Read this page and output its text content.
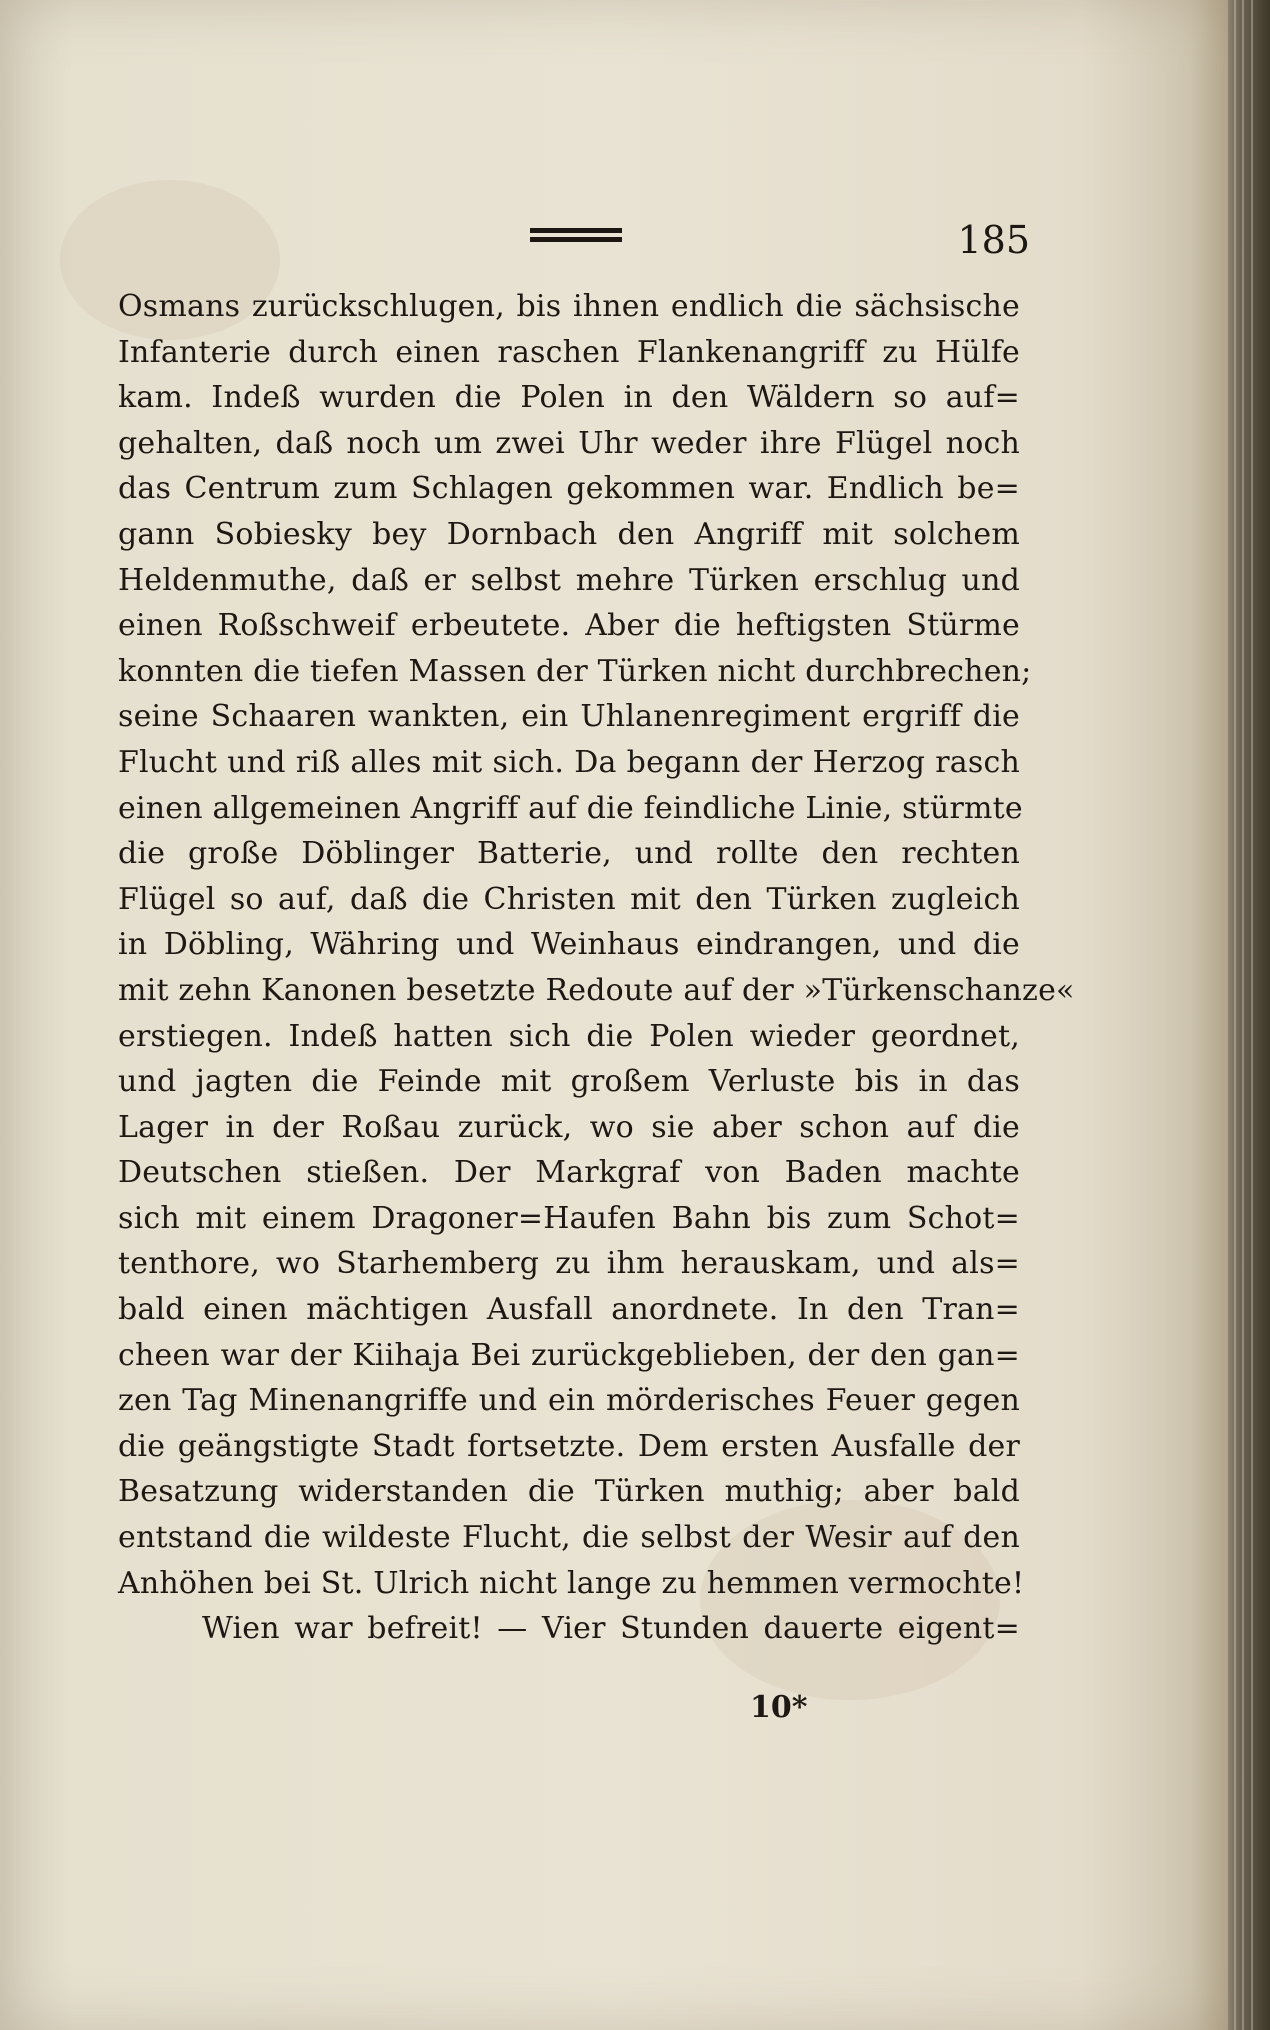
185
Osmans zurückschlugen, bis ihnen endlich die sächsische
Infanterie durch einen raschen Flankenangriff zu Hülfe
kam. Indeß wurden die Polen in den Wäldern so auf=
gehalten, daß noch um zwei Uhr weder ihre Flügel noch
das Centrum zum Schlagen gekommen war. Endlich be=
gann Sobiesky bey Dornbach den Angriff mit solchem
Heldenmuthe, daß er selbst mehre Türken erschlug und
einen Roßschweif erbeutete. Aber die heftigsten Stürme
konnten die tiefen Massen der Türken nicht durchbrechen;
seine Schaaren wankten, ein Uhlanenregiment ergriff die
Flucht und riß alles mit sich. Da begann der Herzog rasch
einen allgemeinen Angriff auf die feindliche Linie, stürmte
die große Döblinger Batterie, und rollte den rechten
Flügel so auf, daß die Christen mit den Türken zugleich
in Döbling, Währing und Weinhaus eindrangen, und die
mit zehn Kanonen besetzte Redoute auf der »Türkenschanze«
erstiegen. Indeß hatten sich die Polen wieder geordnet,
und jagten die Feinde mit großem Verluste bis in das
Lager in der Roßau zurück, wo sie aber schon auf die
Deutschen stießen. Der Markgraf von Baden machte
sich mit einem Dragoner=Haufen Bahn bis zum Schot=
tenthore, wo Starhemberg zu ihm herauskam, und als=
bald einen mächtigen Ausfall anordnete. In den Tran=
cheen war der Kiihaja Bei zurückgeblieben, der den gan=
zen Tag Minenangriffe und ein mörderisches Feuer gegen
die geängstigte Stadt fortsetzte. Dem ersten Ausfalle der
Besatzung widerstanden die Türken muthig; aber bald
entstand die wildeste Flucht, die selbst der Wesir auf den
Anhöhen bei St. Ulrich nicht lange zu hemmen vermochte!
Wien war befreit! — Vier Stunden dauerte eigent=
10*
